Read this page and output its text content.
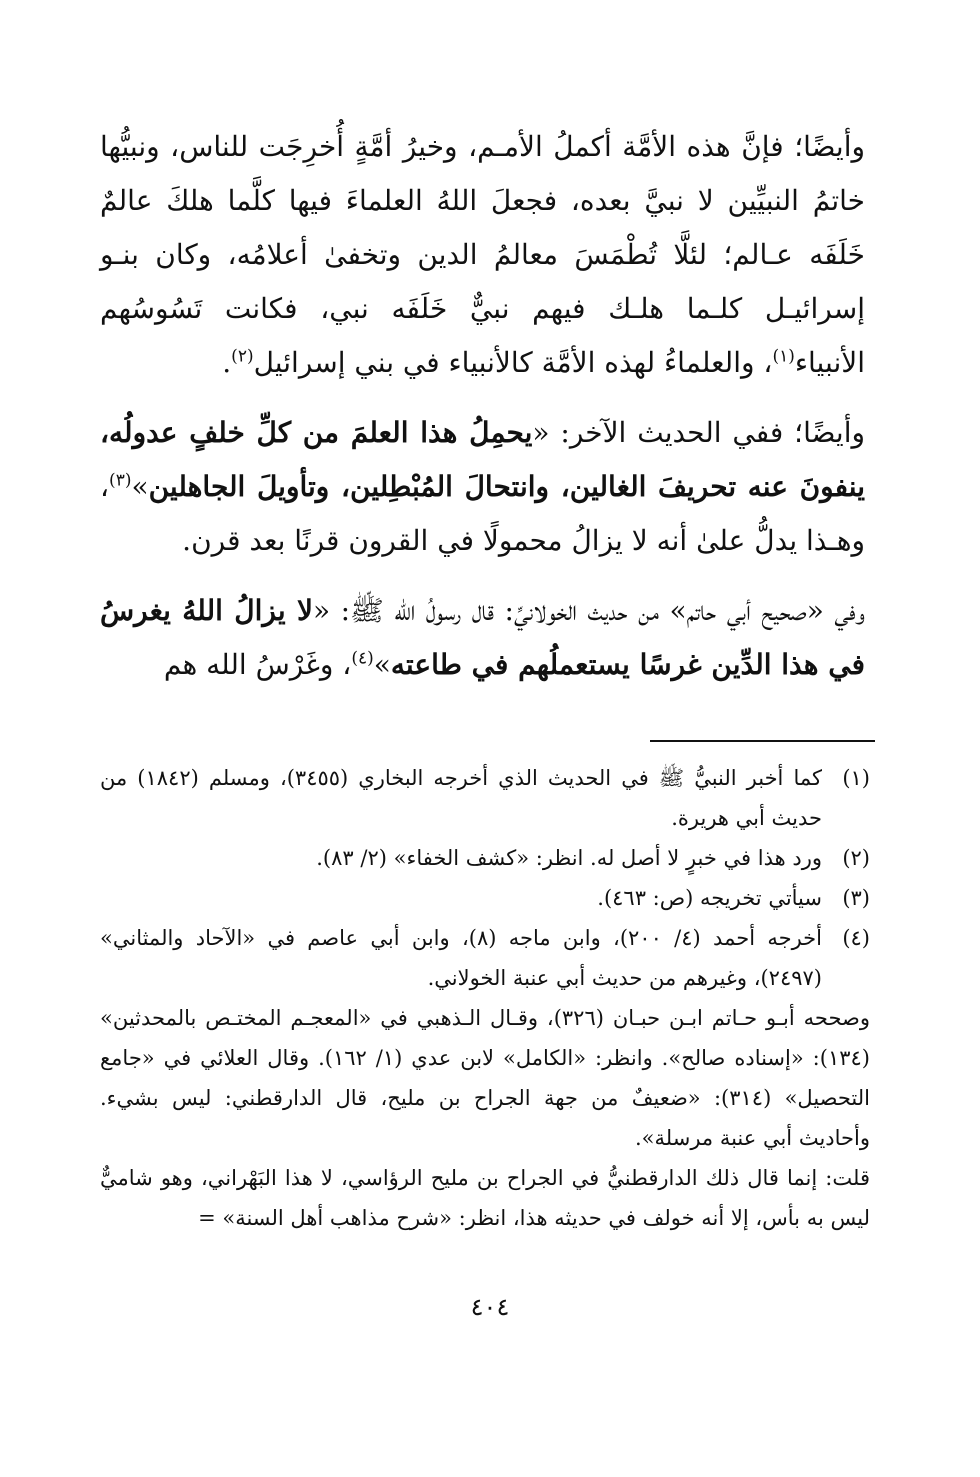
وأيضًا؛ فإنَّ هذه الأمَّة أكملُ الأمـم، وخيرُ أمَّةٍ أُخرِجَت للناس، ونبيُّها خاتمُ النبيِّين لا نبيَّ بعده، فجعلَ اللهُ العلماءَ فيها كلَّما هلكَ عالمٌ خَلَفَه عـالم؛ لئلَّا تُطْمَسَ معالمُ الدين وتخفىٰ أعلامُه، وكان بنـو إسرائيـل كلـما هلـك فيهم نبيٌّ خَلَفَه نبي، فكانت تَسُوسُهم الأنبياء$^{(١)}$، والعلماءُ لهذه الأمَّة كالأنبياء في بني إسرائيل$^{(٢)}$.

وأيضًا؛ ففي الحديث الآخر: «يحمِلُ هذا العلمَ من كلِّ خلفٍ عدولُه، ينفونَ عنه تحريفَ الغالين، وانتحالَ المُبْطِلين، وتأويلَ الجاهلين»$^{(٣)}$، وهـذا يدلُّ علىٰ أنه لا يزالُ محمولًا في القرون قرنًا بعد قرن.

وفي «صحيح أبي حاتم» من حديث الخولانيِّ: قال رسولُ الله ﷺ: «لا يزالُ اللهُ يغرسُ في هذا الدِّين غرسًا يستعملُهم في طاعته»$^{(٤)}$، وغَرْسُ الله هم

(١)
كما أخبر النبيُّ ﷺ في الحديث الذي أخرجه البخاري (٣٤٥٥)، ومسلم (١٨٤٢) من حديث أبي هريرة.
(٢)
ورد هذا في خبرٍ لا أصل له. انظر: «كشف الخفاء» (٢/ ٨٣).
(٣)
سيأتي تخريجه (ص: ٤٦٣).
(٤)
أخرجه أحمد (٤/ ٢٠٠)، وابن ماجه (٨)، وابن أبي عاصم في «الآحاد والمثاني» (٢٤٩٧)، وغيرهم من حديث أبي عنبة الخولاني.

وصححه أبـو حـاتم ابـن حبـان (٣٢٦)، وقـال الـذهبي في «المعجـم المختـص بالمحدثين» (١٣٤): «إسناده صالح». وانظر: «الكامل» لابن عدي (١/ ١٦٢). وقال العلائي في «جامع التحصيل» (٣١٤): «ضعيفٌ من جهة الجراح بن مليح، قال الدارقطني: ليس بشيء. وأحاديث أبي عنبة مرسلة».

قلت: إنما قال ذلك الدارقطنيُّ في الجراح بن مليح الرؤاسي، لا هذا البَهْراني، وهو شاميٌّ ليس به بأس، إلا أنه خولف في حديثه هذا، انظر: «شرح مذاهب أهل السنة» =

٤٠٤
